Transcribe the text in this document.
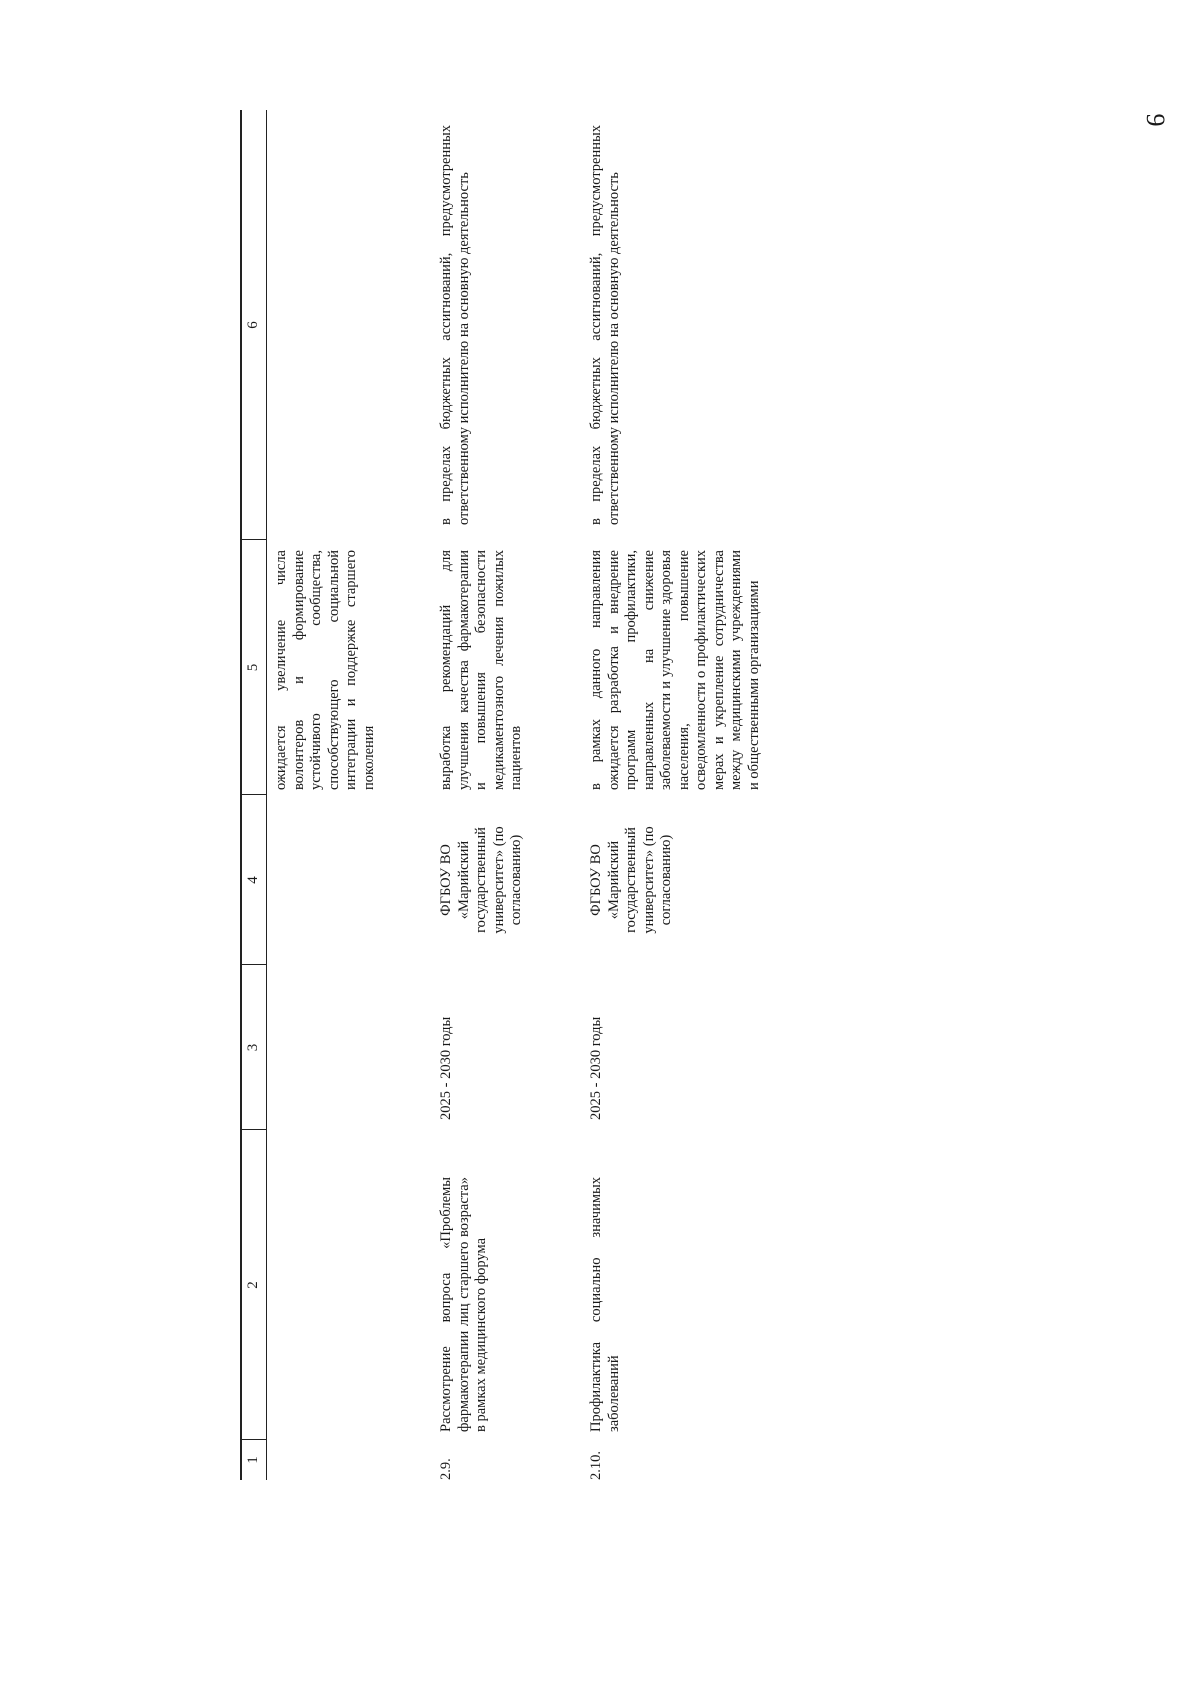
9
1
2
3
4
5
6
ожидается увеличение числа волонтеров и формирование устойчивого сообщества, способствующего социальной интеграции и поддержке старшего поколения
2.9.
Рассмотрение вопроса «Проблемы фармакотерапии лиц старшего возраста» в рамках медицинского форума
2025 - 2030 годы
ФГБОУ ВО «Марийский государственный университет» (по согласованию)
выработка рекомендаций для улучшения качества фармакотерапии и повышения безопасности медикаментозного лечения пожилых пациентов
в пределах бюджетных ассигнований, предусмотренных ответственному исполнителю на основную деятельность
2.10.
Профилактика социально значимых заболеваний
2025 - 2030 годы
ФГБОУ ВО «Марийский государственный университет» (по согласованию)
в рамках данного направления ожидается разработка и внедрение программ профилактики, направленных на снижение заболеваемости и улучшение здоровья населения, повышение осведомленности о профилактических мерах и укрепление сотрудничества между медицинскими учреждениями и общественными организациями
в пределах бюджетных ассигнований, предусмотренных ответственному исполнителю на основную деятельность
